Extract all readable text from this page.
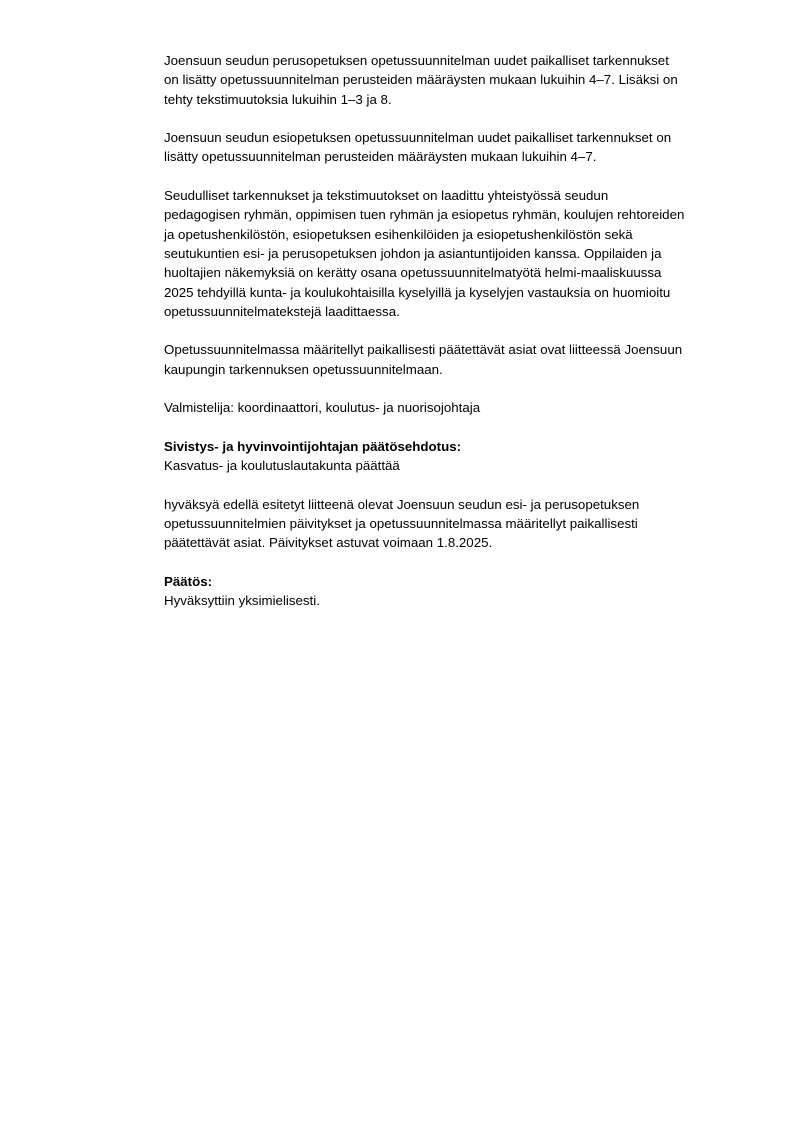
Joensuun seudun perusopetuksen opetussuunnitelman uudet paikalliset tarkennukset
on lisätty opetussuunnitelman perusteiden määräysten mukaan lukuihin 4–7. Lisäksi on
tehty tekstimuutoksia lukuihin 1–3 ja 8.

Joensuun seudun esiopetuksen opetussuunnitelman uudet paikalliset tarkennukset on
lisätty opetussuunnitelman perusteiden määräysten mukaan lukuihin 4–7.

Seudulliset tarkennukset ja tekstimuutokset on laadittu yhteistyössä seudun
pedagogisen ryhmän, oppimisen tuen ryhmän ja esiopetus ryhmän, koulujen rehtoreiden
ja opetushenkilöstön, esiopetuksen esihenkilöiden ja esiopetushenkilöstön sekä
seutukuntien esi- ja perusopetuksen johdon ja asiantuntijoiden kanssa. Oppilaiden ja
huoltajien näkemyksiä on kerätty osana opetussuunnitelmatyötä helmi-maaliskuussa
2025 tehdyillä kunta- ja koulukohtaisilla kyselyillä ja kyselyjen vastauksia on huomioitu
opetussuunnitelmatekstejä laadittaessa.

Opetussuunnitelmassa määritellyt paikallisesti päätettävät asiat ovat liitteessä Joensuun
kaupungin tarkennuksen opetussuunnitelmaan.

Valmistelija: koordinaattori, koulutus- ja nuorisojohtaja

Sivistys- ja hyvinvointijohtajan päätösehdotus:
Kasvatus- ja koulutuslautakunta päättää

hyväksyä edellä esitetyt liitteenä olevat Joensuun seudun esi- ja perusopetuksen
opetussuunnitelmien päivitykset ja opetussuunnitelmassa määritellyt paikallisesti
päätettävät asiat. Päivitykset astuvat voimaan 1.8.2025.

Päätös:
Hyväksyttiin yksimielisesti.
